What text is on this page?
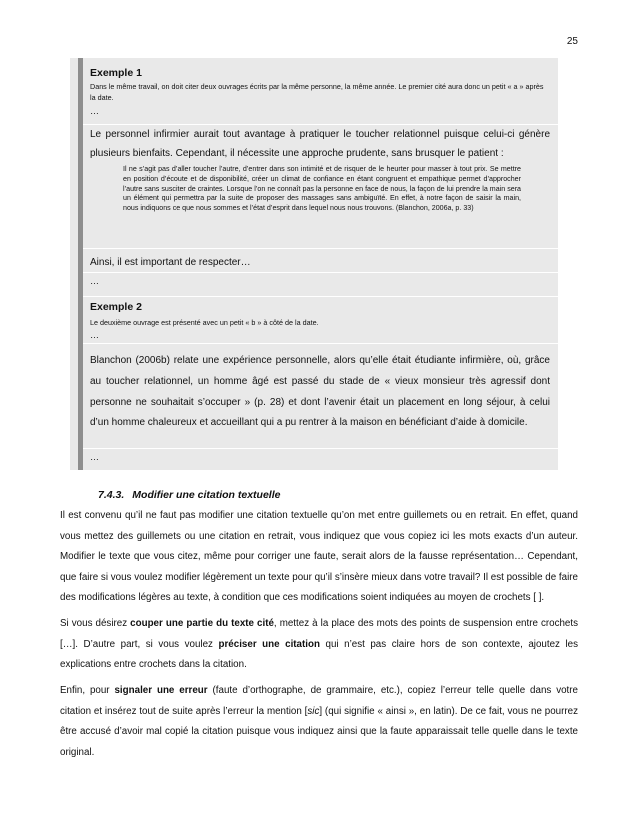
25
Exemple 1
Dans le même travail, on doit citer deux ouvrages écrits par la même personne, la même année. Le premier cité aura donc un petit « a » après la date.
…
Le personnel infirmier aurait tout avantage à pratiquer le toucher relationnel puisque celui-ci génère plusieurs bienfaits. Cependant, il nécessite une approche prudente, sans brusquer le patient :
Il ne s’agit pas d’aller toucher l’autre, d’entrer dans son intimité et de risquer de le heurter pour masser à tout prix. Se mettre en position d’écoute et de disponibilité, créer un climat de confiance en étant congruent et empathique permet d’approcher l’autre sans susciter de craintes. Lorsque l’on ne connaît pas la personne en face de nous, la façon de lui prendre la main sera un élément qui permettra par la suite de proposer des massages sans ambiguïté. En effet, à notre façon de saisir la main, nous indiquons ce que nous sommes et l’état d’esprit dans lequel nous nous trouvons. (Blanchon, 2006a, p. 33)
Ainsi, il est important de respecter…
…
Exemple 2
Le deuxième ouvrage est présenté avec un petit « b » à côté de la date.
…
Blanchon (2006b) relate une expérience personnelle, alors qu’elle était étudiante infirmière, où, grâce au toucher relationnel, un homme âgé est passé du stade de « vieux monsieur très agressif dont personne ne souhaitait s’occuper » (p. 28) et dont l’avenir était un placement en long séjour, à celui d’un homme chaleureux et accueillant qui a pu rentrer à la maison en bénéficiant d’aide à domicile.
…
7.4.3. Modifier une citation textuelle
Il est convenu qu’il ne faut pas modifier une citation textuelle qu’on met entre guillemets ou en retrait. En effet, quand vous mettez des guillemets ou une citation en retrait, vous indiquez que vous copiez ici les mots exacts d’un auteur. Modifier le texte que vous citez, même pour corriger une faute, serait alors de la fausse représentation… Cependant, que faire si vous voulez modifier légèrement un texte pour qu’il s’insère mieux dans votre travail? Il est possible de faire des modifications légères au texte, à condition que ces modifications soient indiquées au moyen de crochets [ ].
Si vous désirez couper une partie du texte cité, mettez à la place des mots des points de suspension entre crochets […]. D’autre part, si vous voulez préciser une citation qui n’est pas claire hors de son contexte, ajoutez les explications entre crochets dans la citation.
Enfin, pour signaler une erreur (faute d’orthographe, de grammaire, etc.), copiez l’erreur telle quelle dans votre citation et insérez tout de suite après l’erreur la mention [sic] (qui signifie « ainsi », en latin). De ce fait, vous ne pourrez être accusé d’avoir mal copié la citation puisque vous indiquez ainsi que la faute apparaissait telle quelle dans le texte original.
